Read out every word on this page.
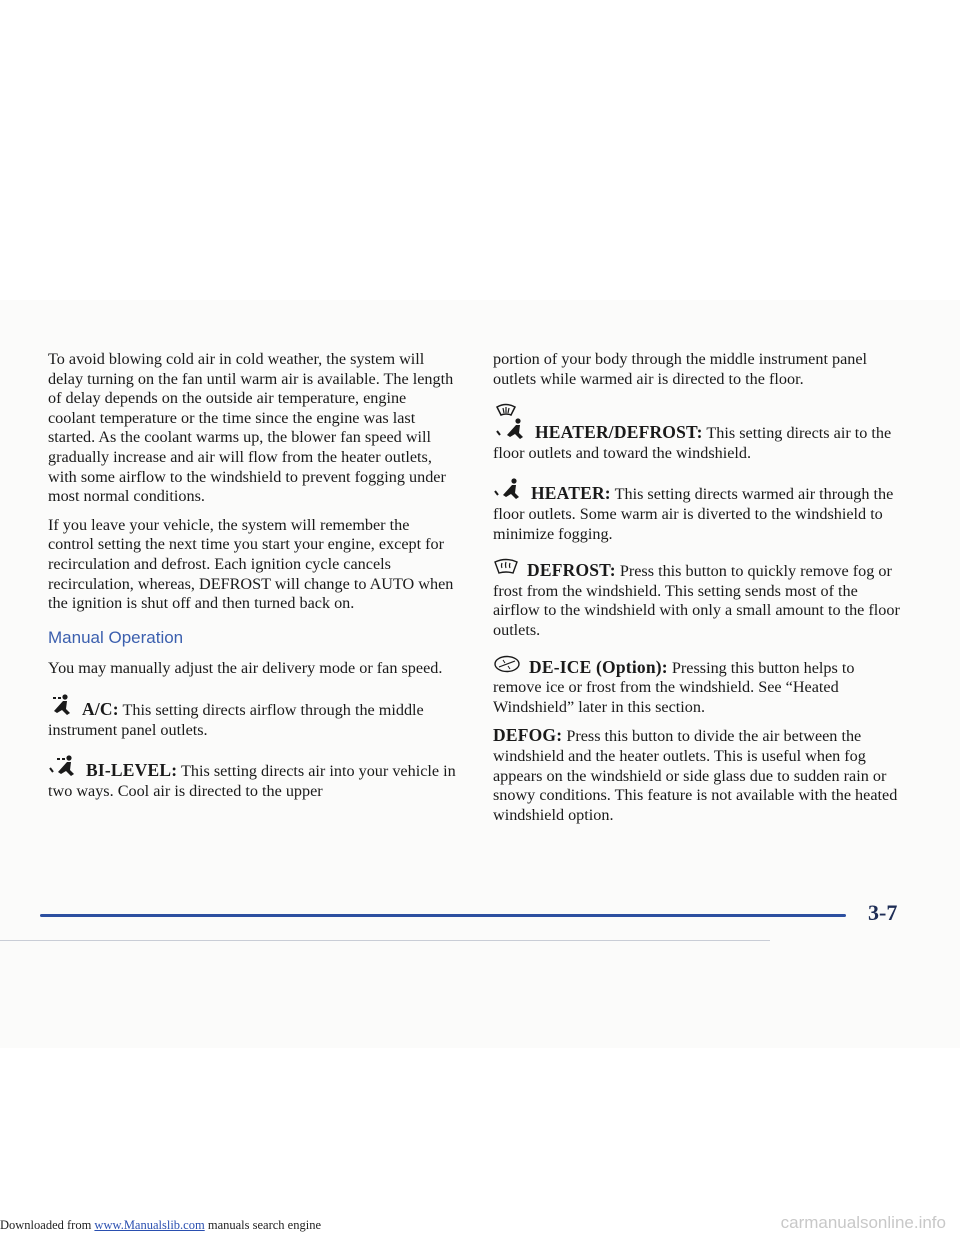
To avoid blowing cold air in cold weather, the system will delay turning on the fan until warm air is available. The length of delay depends on the outside air temperature, engine coolant temperature or the time since the engine was last started. As the coolant warms up, the blower fan speed will gradually increase and air will flow from the heater outlets, with some airflow to the windshield to prevent fogging under most normal conditions.

If you leave your vehicle, the system will remember the control setting the next time you start your engine, except for recirculation and defrost. Each ignition cycle cancels recirculation, whereas, DEFROST will change to AUTO when the ignition is shut off and then turned back on.

Manual Operation

You may manually adjust the air delivery mode or fan speed.

A/C: This setting directs airflow through the middle instrument panel outlets.

BI-LEVEL: This setting directs air into your vehicle in two ways. Cool air is directed to the upper

portion of your body through the middle instrument panel outlets while warmed air is directed to the floor.

HEATER/DEFROST: This setting directs air to the floor outlets and toward the windshield.

HEATER: This setting directs warmed air through the floor outlets. Some warm air is diverted to the windshield to minimize fogging.

DEFROST: Press this button to quickly remove fog or frost from the windshield. This setting sends most of the airflow to the windshield with only a small amount to the floor outlets.

DE-ICE (Option): Pressing this button helps to remove ice or frost from the windshield. See “Heated Windshield” later in this section.

DEFOG: Press this button to divide the air between the windshield and the heater outlets. This is useful when fog appears on the windshield or side glass due to sudden rain or snowy conditions. This feature is not available with the heated windshield option.

3-7
Downloaded from www.Manualslib.com manuals search engine	carmanualsonline.info
